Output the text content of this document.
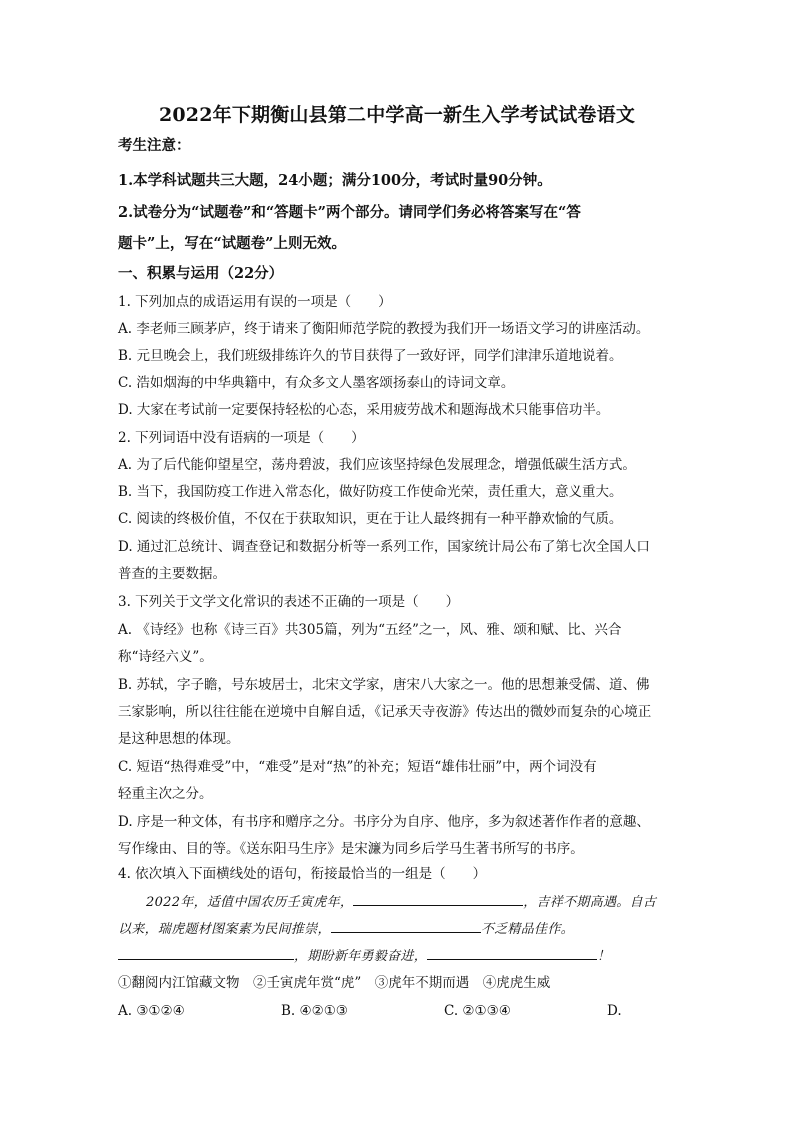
2022年下期衡山县第二中学高一新生入学考试试卷语文
考生注意：
1.本学科试题共三大题，24小题；满分100分，考试时量90分钟。
2.试卷分为“试题卷”和“答题卡”两个部分。请同学们务必将答案写在“答
题卡”上，写在“试题卷”上则无效。
一、积累与运用（22分）
1. 下列加点的成语运用有误的一项是（　　）
A. 李老师三顾茅庐，终于请来了衡阳师范学院的教授为我们开一场语文学习的讲座活动。
B. 元旦晚会上，我们班级排练许久的节目获得了一致好评，同学们津津乐道地说着。
C. 浩如烟海的中华典籍中，有众多文人墨客颂扬泰山的诗词文章。
D. 大家在考试前一定要保持轻松的心态，采用疲劳战术和题海战术只能事倍功半。
2. 下列词语中没有语病的一项是（　　）
A. 为了后代能仰望星空，荡舟碧波，我们应该坚持绿色发展理念，增强低碳生活方式。
B. 当下，我国防疫工作进入常态化，做好防疫工作使命光荣，责任重大，意义重大。
C. 阅读的终极价值，不仅在于获取知识，更在于让人最终拥有一种平静欢愉的气质。
D. 通过汇总统计、调查登记和数据分析等一系列工作，国家统计局公布了第七次全国人口
普查的主要数据。
3. 下列关于文学文化常识的表述不正确的一项是（　　）
A. 《诗经》也称《诗三百》共305篇，列为“五经”之一，风、雅、颂和赋、比、兴合
称“诗经六义”。
B. 苏轼，字子瞻，号东坡居士，北宋文学家，唐宋八大家之一。他的思想兼受儒、道、佛
三家影响，所以往往能在逆境中自解自适，《记承天寺夜游》传达出的微妙而复杂的心境正
是这种思想的体现。
C. 短语“热得难受”中，“难受”是对“热”的补充；短语“雄伟壮丽”中，两个词没有
轻重主次之分。
D. 序是一种文体，有书序和赠序之分。书序分为自序、他序，多为叙述著作作者的意趣、
写作缘由、目的等。《送东阳马生序》是宋濂为同乡后学马生著书所写的书序。
4. 依次填入下面横线处的语句，衔接最恰当的一组是（　　）
2022年，适值中国农历壬寅虎年，	，吉祥不期高遇。自古
以来，瑞虎题材图案素为民间推崇，	不乏精品佳作。
，期盼新年勇毅奋进，	！
①翻阅内江馆藏文物　②壬寅虎年赏“虎”　③虎年不期而遇　④虎虎生威
A. ③①②④	B. ④②①③	C. ②①③④	D.
